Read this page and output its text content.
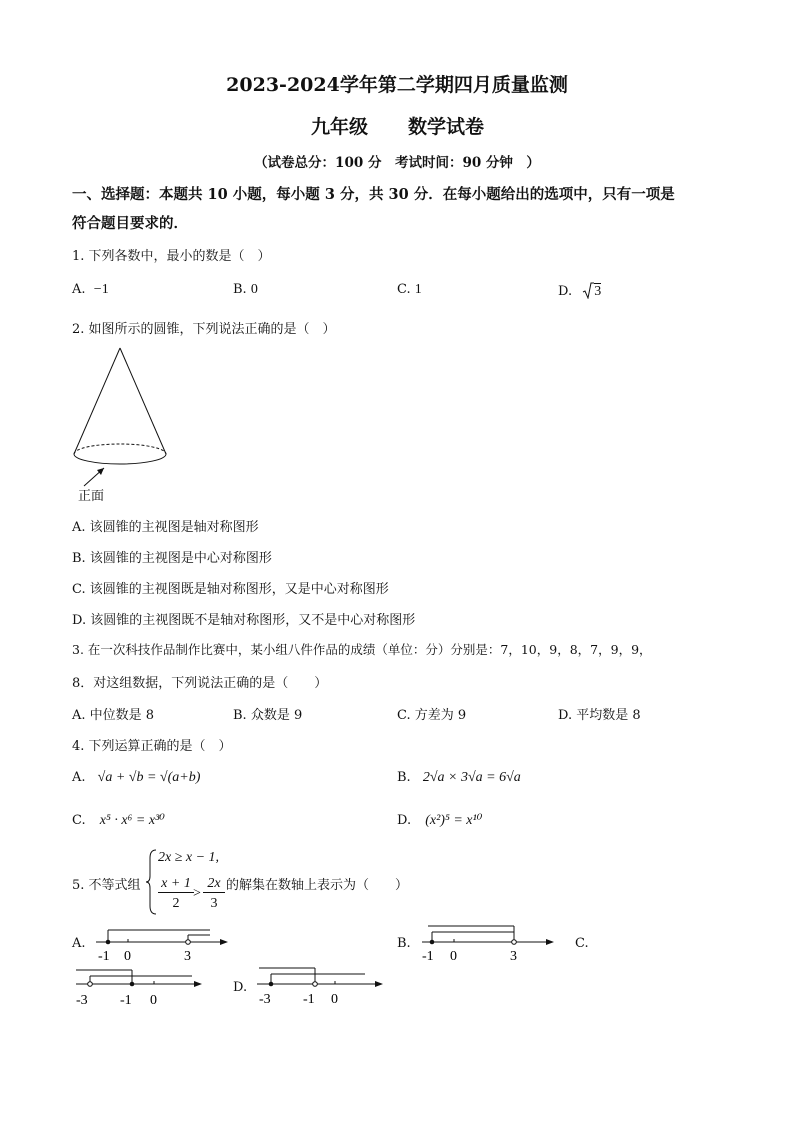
2023-2024学年第二学期四月质量监测
九年级 数学试卷
（试卷总分：100 分　考试时间：90 分钟　）
一、选择题：本题共 10 小题，每小题 3 分，共 30 分．在每小题给出的选项中，只有一项是
符合题目要求的．
1. 下列各数中，最小的数是（　）
A. −1	B. 0	C. 1	D. 3
2. 如图所示的圆锥，下列说法正确的是（　）
正面
A. 该圆锥的主视图是轴对称图形
B. 该圆锥的主视图是中心对称图形
C. 该圆锥的主视图既是轴对称图形，又是中心对称图形
D. 该圆锥的主视图既不是轴对称图形，又不是中心对称图形
3. 在一次科技作品制作比赛中，某小组八件作品的成绩（单位：分）分别是：7，10，9，8，7，9，9，
8．对这组数据，下列说法正确的是（　　）
A. 中位数是 8	B. 众数是 9	C. 方差为 9	D. 平均数是 8
4. 下列运算正确的是（　）
A. √a + √b = √(a+b)	B. 2√a × 3√a = 6√a
C. x⁵ · x⁶ = x³⁰	D. (x²)⁵ = x¹⁰
5. 不等式组
2x ≥ x − 1,
x + 1
2
>
2x
3
的解集在数轴上表示为（　　）
A.
-1 0	3
B.
-1 0	3
C.
-3 -1 0
D.
-3 -1 0
